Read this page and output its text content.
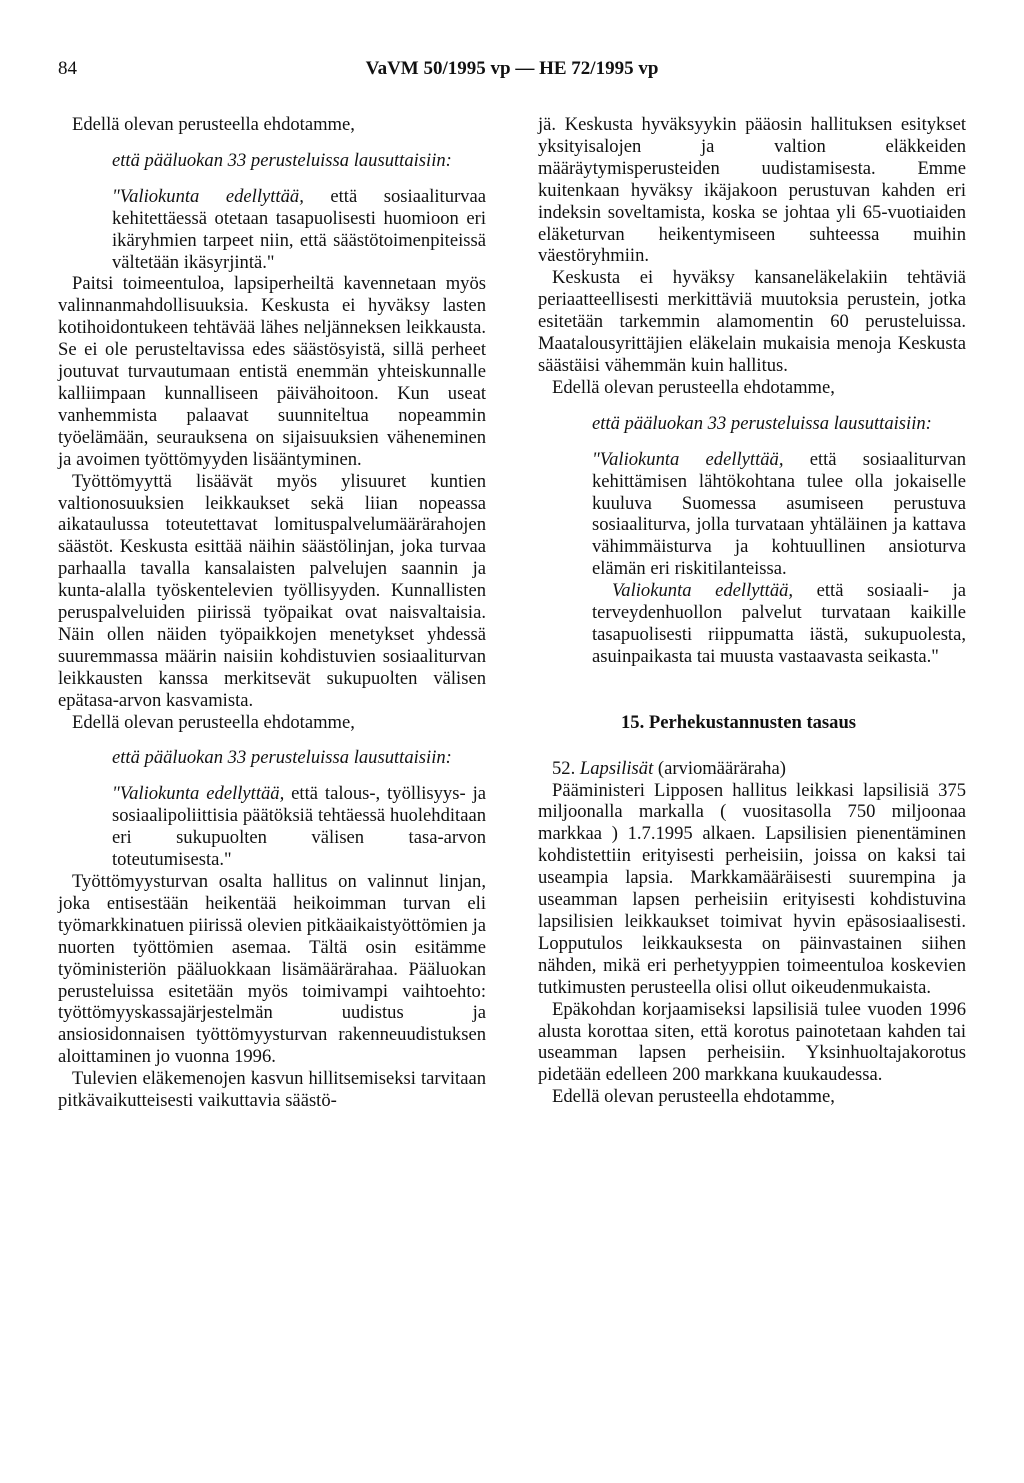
84	VaVM 50/1995 vp — HE 72/1995 vp

Edellä olevan perusteella ehdotamme,

että pääluokan 33 perusteluissa lausuttaisiin:

"Valiokunta edellyttää, että sosiaaliturvaa kehitettäessä otetaan tasapuolisesti huomioon eri ikäryhmien tarpeet niin, että säästötoimenpiteissä vältetään ikäsyrjintä."

Paitsi toimeentuloa, lapsiperheiltä kavennetaan myös valinnanmahdollisuuksia. Keskusta ei hyväksy lasten kotihoidontukeen tehtävää lähes neljänneksen leikkausta. Se ei ole perusteltavissa edes säästösyistä, sillä perheet joutuvat turvautumaan entistä enemmän yhteiskunnalle kalliimpaan kunnalliseen päivähoitoon. Kun useat vanhemmista palaavat suunniteltua nopeammin työelämään, seurauksena on sijaisuuksien väheneminen ja avoimen työttömyyden lisääntyminen.

Työttömyyttä lisäävät myös ylisuuret kuntien valtionosuuksien leikkaukset sekä liian nopeassa aikataulussa toteutettavat lomituspalvelumäärärahojen säästöt. Keskusta esittää näihin säästölinjan, joka turvaa parhaalla tavalla kansalaisten palvelujen saannin ja kunta-alalla työskentelevien työllisyyden. Kunnallisten peruspalveluiden piirissä työpaikat ovat naisvaltaisia. Näin ollen näiden työpaikkojen menetykset yhdessä suuremmassa määrin naisiin kohdistuvien sosiaaliturvan leikkausten kanssa merkitsevät sukupuolten välisen epätasa-arvon kasvamista.

Edellä olevan perusteella ehdotamme,

että pääluokan 33 perusteluissa lausuttaisiin:

"Valiokunta edellyttää, että talous-, työllisyys- ja sosiaalipoliittisia päätöksiä tehtäessä huolehditaan eri sukupuolten välisen tasa-arvon toteutumisesta."

Työttömyysturvan osalta hallitus on valinnut linjan, joka entisestään heikentää heikoimman turvan eli työmarkkinatuen piirissä olevien pitkäaikaistyöttömien ja nuorten työttömien asemaa. Tältä osin esitämme työministeriön pääluokkaan lisämäärärahaa. Pääluokan perusteluissa esitetään myös toimivampi vaihtoehto: työttömyyskassajärjestelmän uudistus ja ansiosidonnaisen työttömyysturvan rakenneuudistuksen aloittaminen jo vuonna 1996.

Tulevien eläkemenojen kasvun hillitsemiseksi tarvitaan pitkävaikutteisesti vaikuttavia säästö-

jä. Keskusta hyväksyykin pääosin hallituksen esitykset yksityisalojen ja valtion eläkkeiden määräytymisperusteiden uudistamisesta. Emme kuitenkaan hyväksy ikäjakoon perustuvan kahden eri indeksin soveltamista, koska se johtaa yli 65-vuotiaiden eläketurvan heikentymiseen suhteessa muihin väestöryhmiin.

Keskusta ei hyväksy kansaneläkelakiin tehtäviä periaatteellisesti merkittäviä muutoksia perustein, jotka esitetään tarkemmin alamomentin 60 perusteluissa. Maatalousyrittäjien eläkelain mukaisia menoja Keskusta säästäisi vähemmän kuin hallitus.

Edellä olevan perusteella ehdotamme,

että pääluokan 33 perusteluissa lausuttaisiin:

"Valiokunta edellyttää, että sosiaaliturvan kehittämisen lähtökohtana tulee olla jokaiselle kuuluva Suomessa asumiseen perustuva sosiaaliturva, jolla turvataan yhtäläinen ja kattava vähimmäisturva ja kohtuullinen ansioturva elämän eri riskitilanteissa.

Valiokunta edellyttää, että sosiaali- ja terveydenhuollon palvelut turvataan kaikille tasapuolisesti riippumatta iästä, sukupuolesta, asuinpaikasta tai muusta vastaavasta seikasta."

15. Perhekustannusten tasaus

52. Lapsilisät (arviomääräraha)

Pääministeri Lipposen hallitus leikkasi lapsilisiä 375 miljoonalla markalla ( vuositasolla 750 miljoonaa markkaa ) 1.7.1995 alkaen. Lapsilisien pienentäminen kohdistettiin erityisesti perheisiin, joissa on kaksi tai useampia lapsia. Markkamääräisesti suurempina ja useamman lapsen perheisiin erityisesti kohdistuvina lapsilisien leikkaukset toimivat hyvin epäsosiaalisesti. Lopputulos leikkauksesta on päinvastainen siihen nähden, mikä eri perhetyyppien toimeentuloa koskevien tutkimusten perusteella olisi ollut oikeudenmukaista.

Epäkohdan korjaamiseksi lapsilisiä tulee vuoden 1996 alusta korottaa siten, että korotus painotetaan kahden tai useamman lapsen perheisiin. Yksinhuoltajakorotus pidetään edelleen 200 markkana kuukaudessa.

Edellä olevan perusteella ehdotamme,
